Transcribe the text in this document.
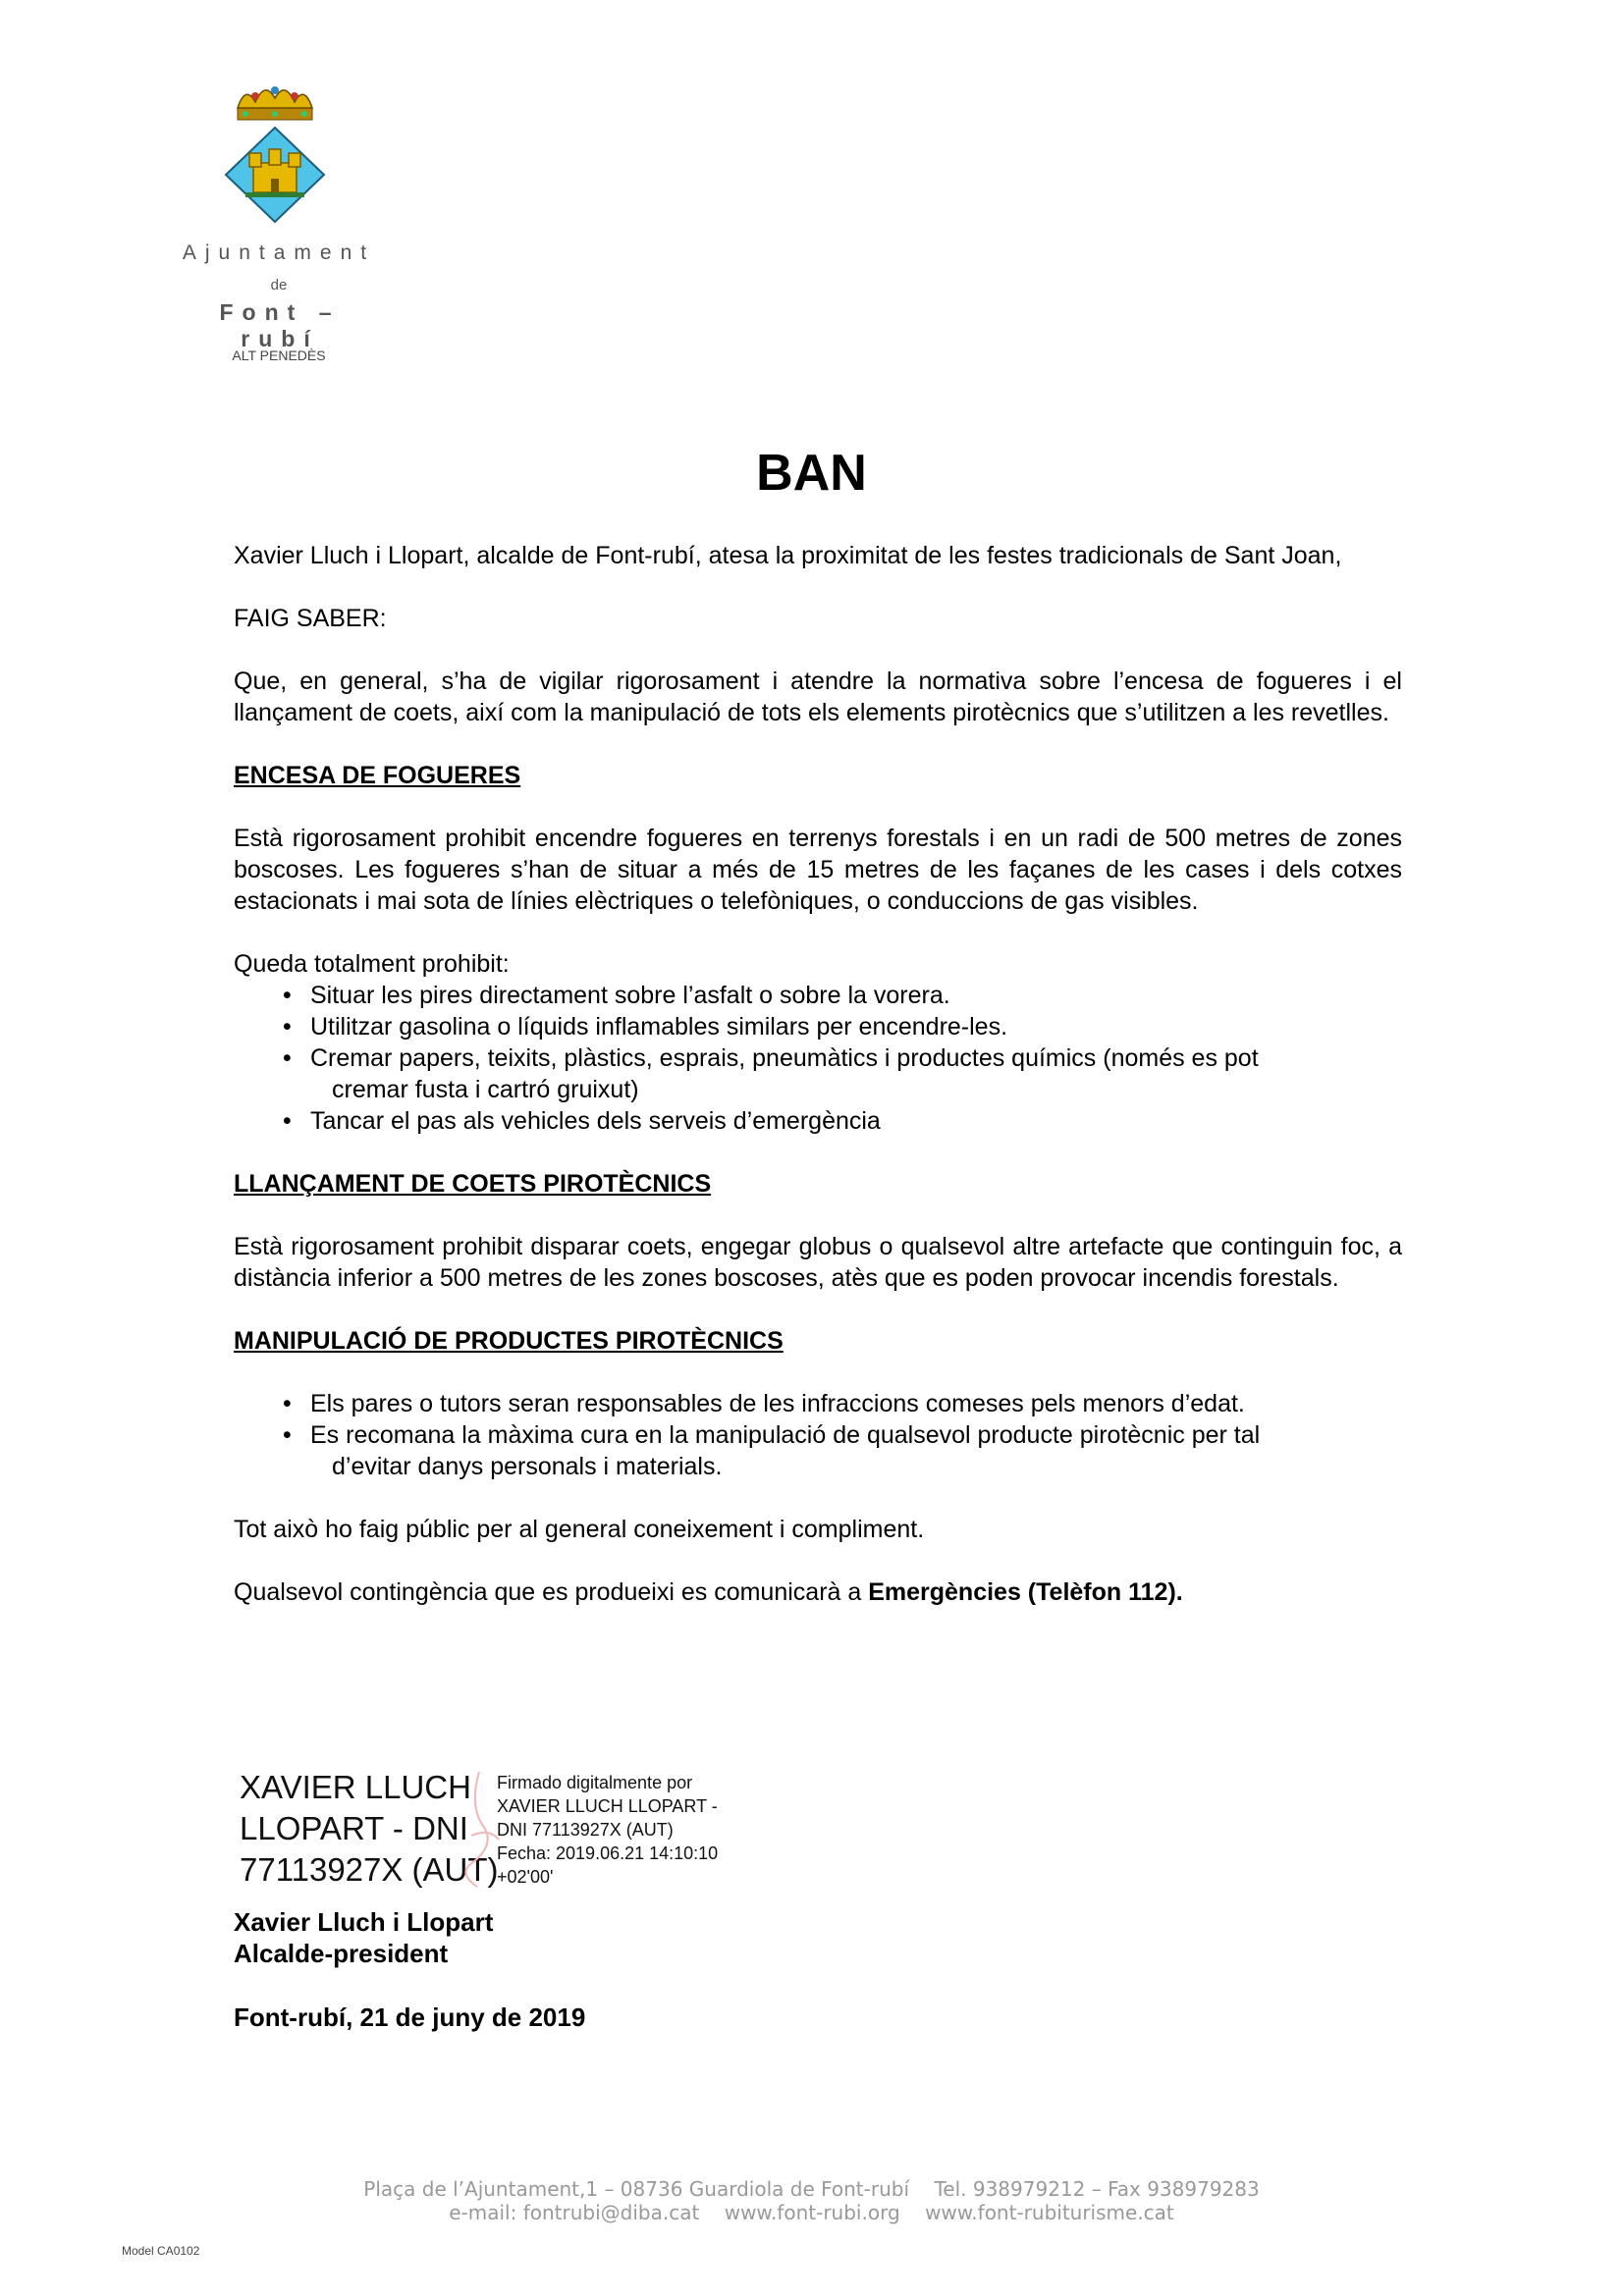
Ajuntament
de
Font – rubí
ALT PENEDÈS
BAN

Xavier Lluch i Llopart, alcalde de Font-rubí, atesa la proximitat de les festes tradicionals de Sant Joan,

FAIG SABER:

Que, en general, s’ha de vigilar rigorosament i atendre la normativa sobre l’encesa de fogueres i el llançament de coets, així com la manipulació de tots els elements pirotècnics que s’utilitzen a les revetlles.

ENCESA DE FOGUERES

Està rigorosament prohibit encendre fogueres en terrenys forestals i en un radi de 500 metres de zones boscoses. Les fogueres s’han de situar a més de 15 metres de les façanes de les cases i dels cotxes estacionats i mai sota de línies elèctriques o telefòniques, o conduccions de gas visibles.

Queda totalment prohibit:

• Situar les pires directament sobre l’asfalt o sobre la vorera.
• Utilitzar gasolina o líquids inflamables similars per encendre-les.
• Cremar papers, teixits, plàstics, esprais, pneumàtics i productes químics (només es pot
cremar fusta i cartró gruixut)
• Tancar el pas als vehicles dels serveis d’emergència

LLANÇAMENT DE COETS PIROTÈCNICS

Està rigorosament prohibit disparar coets, engegar globus o qualsevol altre artefacte que continguin foc, a distància inferior a 500 metres de les zones boscoses, atès que es poden provocar incendis forestals.

MANIPULACIÓ DE PRODUCTES PIROTÈCNICS

• Els pares o tutors seran responsables de les infraccions comeses pels menors d’edat.
• Es recomana la màxima cura en la manipulació de qualsevol producte pirotècnic per tal
d’evitar danys personals i materials.

Tot això ho faig públic per al general coneixement i compliment.

Qualsevol contingència que es produeixi es comunicarà a Emergències (Telèfon 112).

XAVIER LLUCH
LLOPART - DNI
77113927X (AUT)
Firmado digitalmente por
XAVIER LLUCH LLOPART -
DNI 77113927X (AUT)
Fecha: 2019.06.21 14:10:10
+02'00'
Xavier Lluch i Llopart
Alcalde-president
Font-rubí, 21 de juny de 2019
Plaça de l’Ajuntament,1 – 08736 Guardiola de Font-rubí    Tel. 938979212 – Fax 938979283
e-mail: fontrubi@diba.cat    www.font-rubi.org    www.font-rubiturisme.cat
Model CA0102
